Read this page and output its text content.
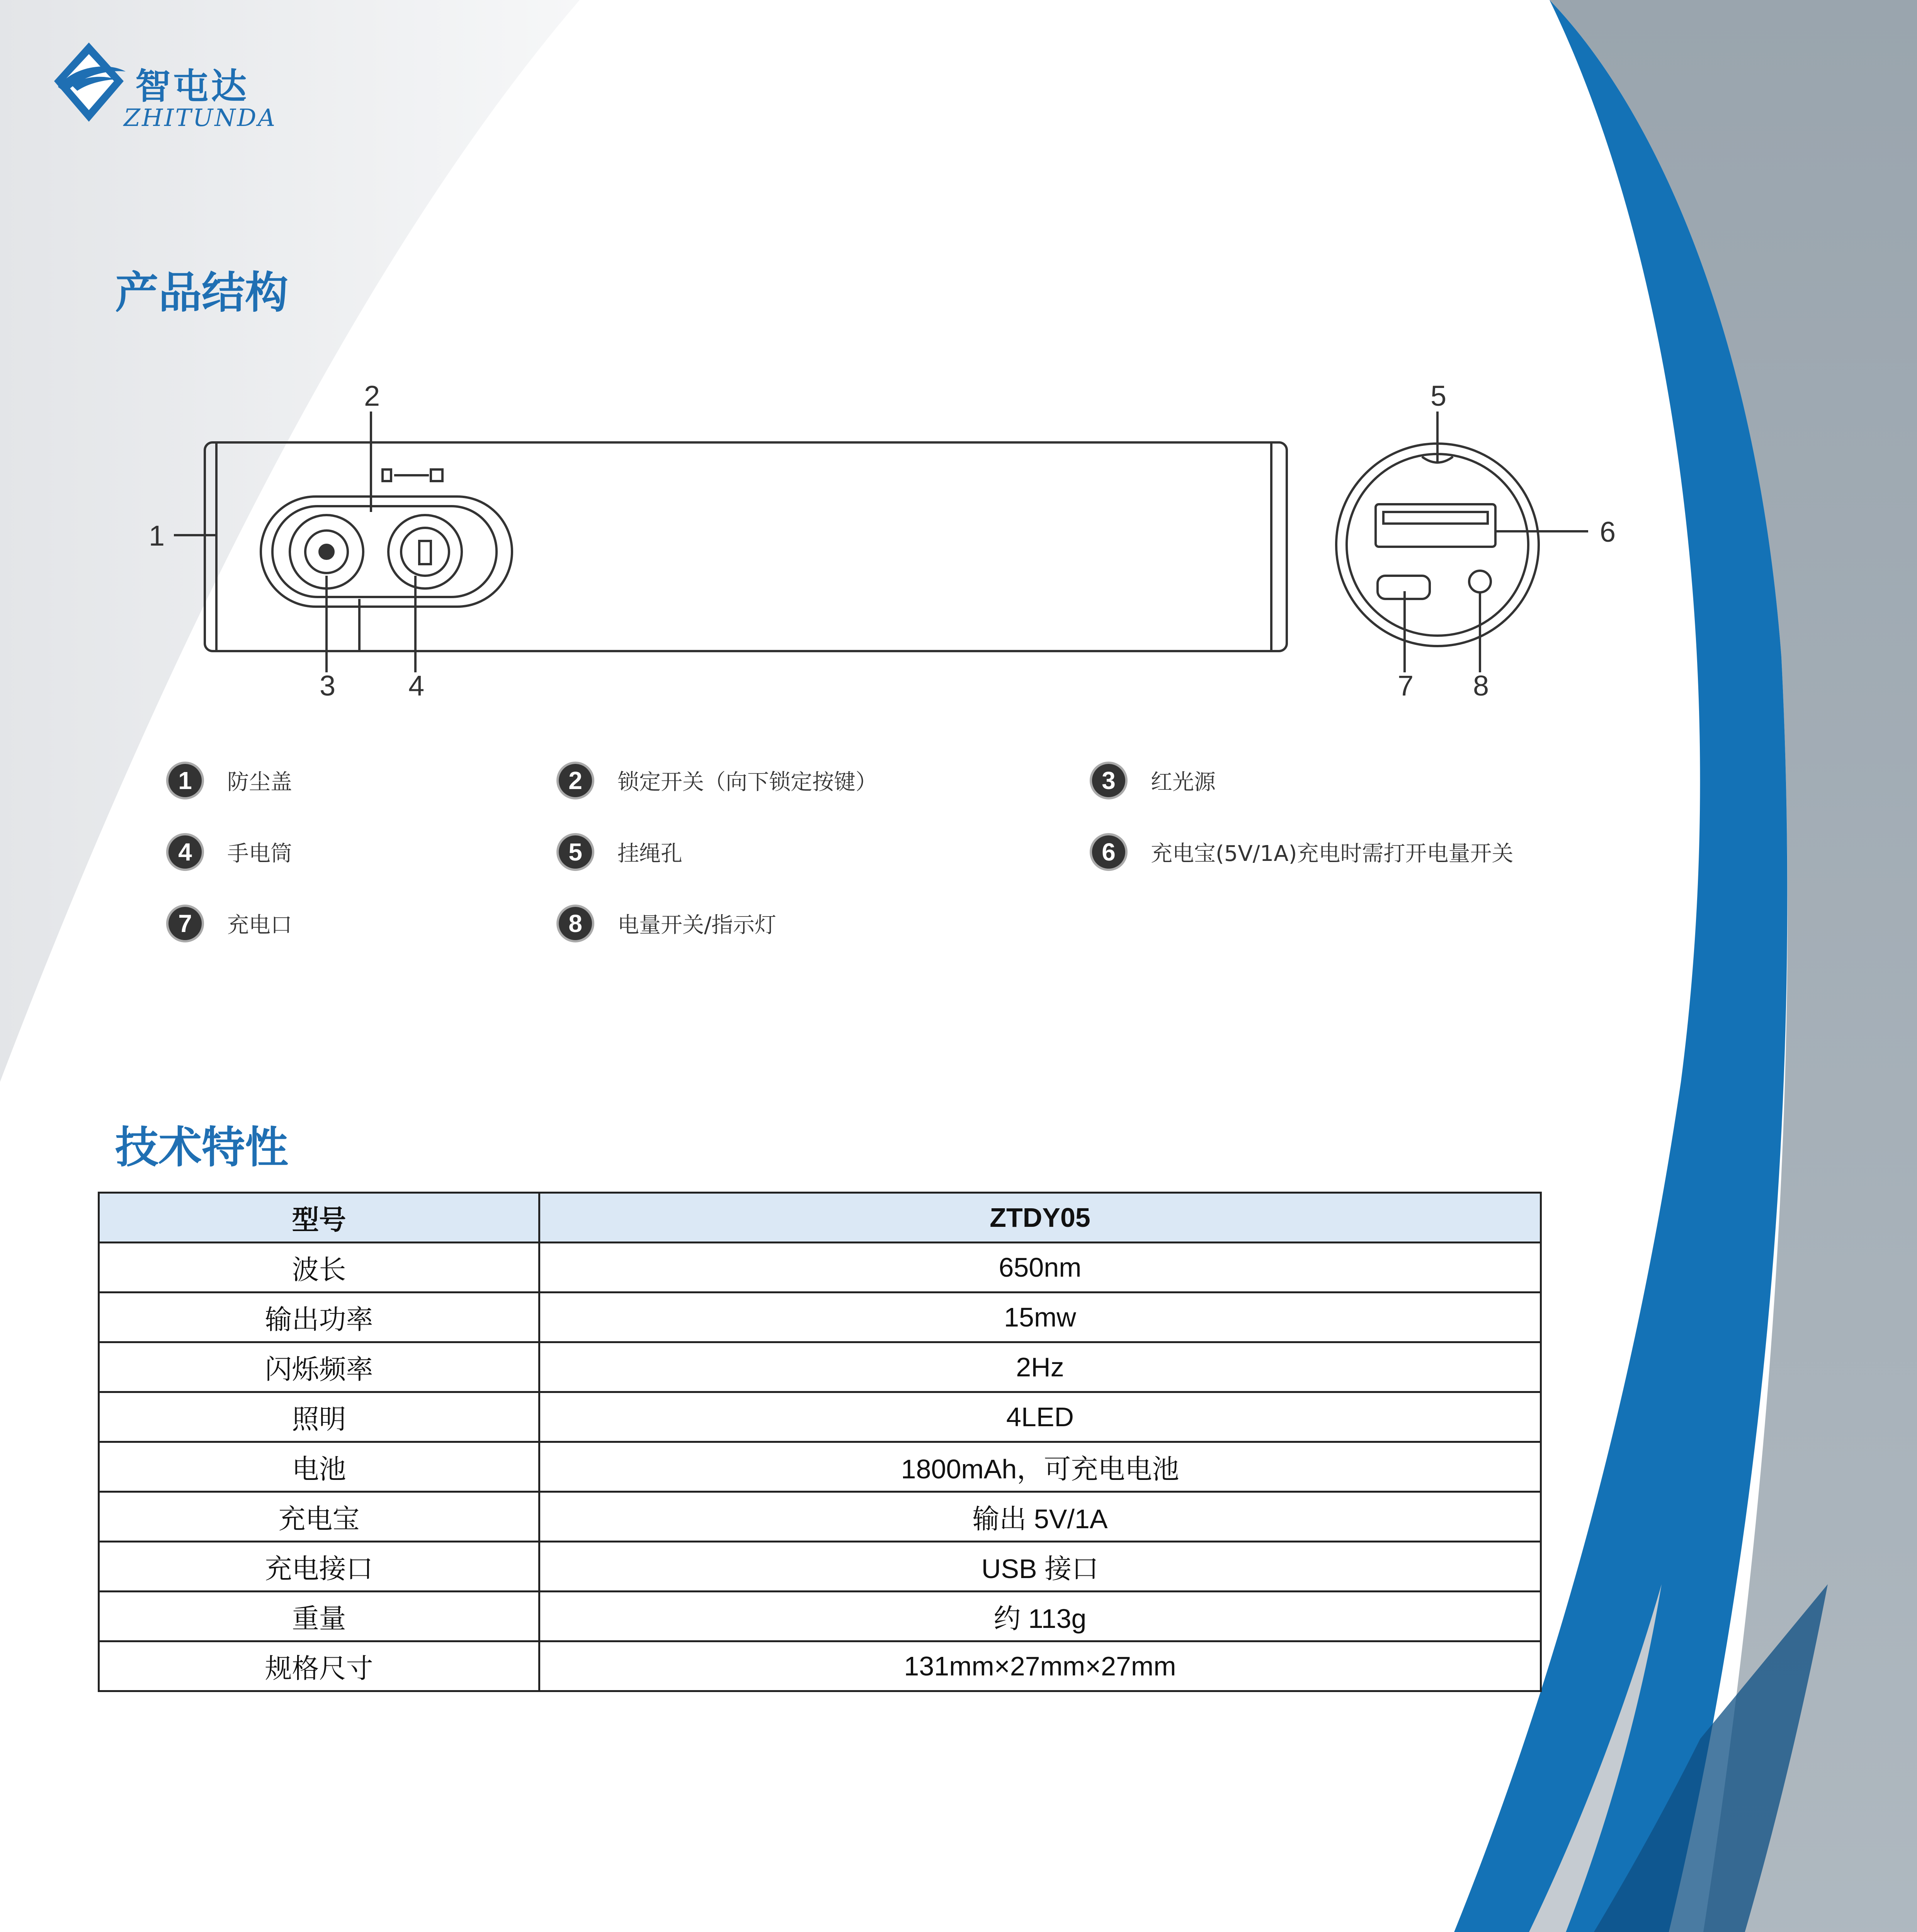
智屯达
ZHITUNDA
产品结构
1
2
3	4
5
6
7 8
1	防尘盖	2	锁定开关（向下锁定按键）	3	红光源
4	手电筒	5	挂绳孔	6	充电宝(5V/1A)充电时需打开电量开关
7	充电口	8	电量开关/指示灯
技术特性
型号	ZTDY05
波长	650nm
输出功率	15mw
闪烁频率	2Hz
照明	4LED
电池	1800mAh，可充电电池
充电宝	输出 5V/1A
充电接口	USB 接口
重量	约 113g
规格尺寸	131mm×27mm×27mm
